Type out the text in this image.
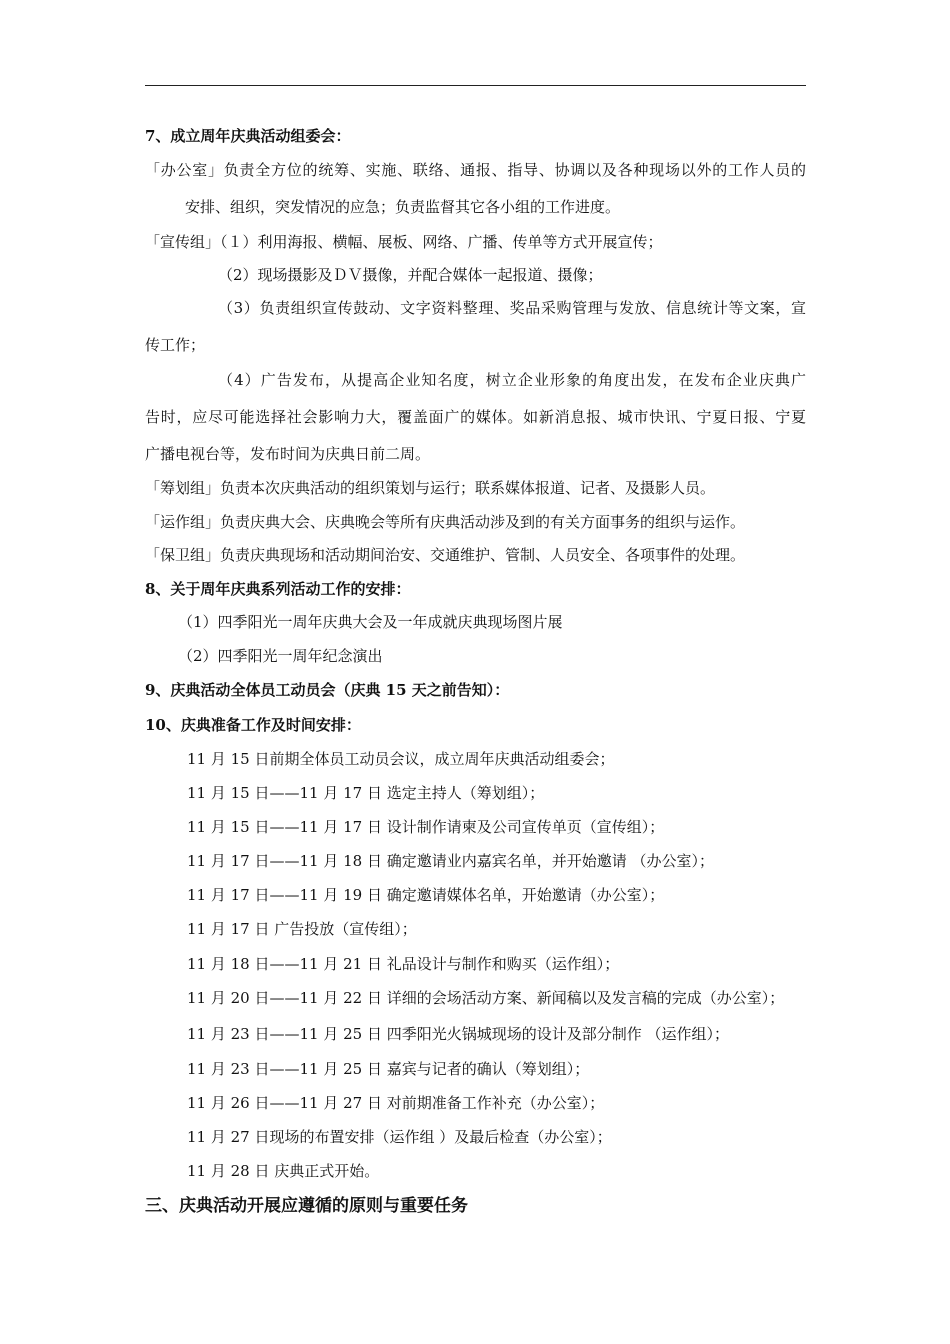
7、成立周年庆典活动组委会：
「办公室」负责全方位的统筹、实施、联络、通报、指导、协调以及各种现场以外的工作人员的
安排、组织，突发情况的应急；负责监督其它各小组的工作进度。
「宣传组」（１）利用海报、横幅、展板、网络、广播、传单等方式开展宣传；
（2）现场摄影及ＤＶ摄像，并配合媒体一起报道、摄像；
（3）负责组织宣传鼓动、文字资料整理、奖品采购管理与发放、信息统计等文案，宣
传工作；
（4）广告发布，从提高企业知名度，树立企业形象的角度出发，在发布企业庆典广
告时，应尽可能选择社会影响力大，覆盖面广的媒体。如新消息报、城市快讯、宁夏日报、宁夏
广播电视台等，发布时间为庆典日前二周。
「筹划组」负责本次庆典活动的组织策划与运行；联系媒体报道、记者、及摄影人员。
「运作组」负责庆典大会、庆典晚会等所有庆典活动涉及到的有关方面事务的组织与运作。
「保卫组」负责庆典现场和活动期间治安、交通维护、管制、人员安全、各项事件的处理。
8、关于周年庆典系列活动工作的安排：
（1）四季阳光一周年庆典大会及一年成就庆典现场图片展
（2）四季阳光一周年纪念演出
9、庆典活动全体员工动员会（庆典 15 天之前告知）：
10、庆典准备工作及时间安排：
11 月 15 日前期全体员工动员会议，成立周年庆典活动组委会；
11 月 15 日——11 月 17 日 选定主持人（筹划组）；
11 月 15 日——11 月 17 日 设计制作请柬及公司宣传单页（宣传组）；
11 月 17 日——11 月 18 日 确定邀请业内嘉宾名单，并开始邀请 （办公室）；
11 月 17 日——11 月 19 日 确定邀请媒体名单，开始邀请（办公室）；
11 月 17 日 广告投放（宣传组）；
11 月 18 日——11 月 21 日 礼品设计与制作和购买（运作组）；
11 月 20 日——11 月 22 日 详细的会场活动方案、新闻稿以及发言稿的完成（办公室）；
11 月 23 日——11 月 25 日 四季阳光火锅城现场的设计及部分制作 （运作组）；
11 月 23 日——11 月 25 日 嘉宾与记者的确认（筹划组）；
11 月 26 日——11 月 27 日 对前期准备工作补充（办公室）；
11 月 27 日现场的布置安排（运作组 ）及最后检查（办公室）；
11 月 28 日 庆典正式开始。
三、庆典活动开展应遵循的原则与重要任务
